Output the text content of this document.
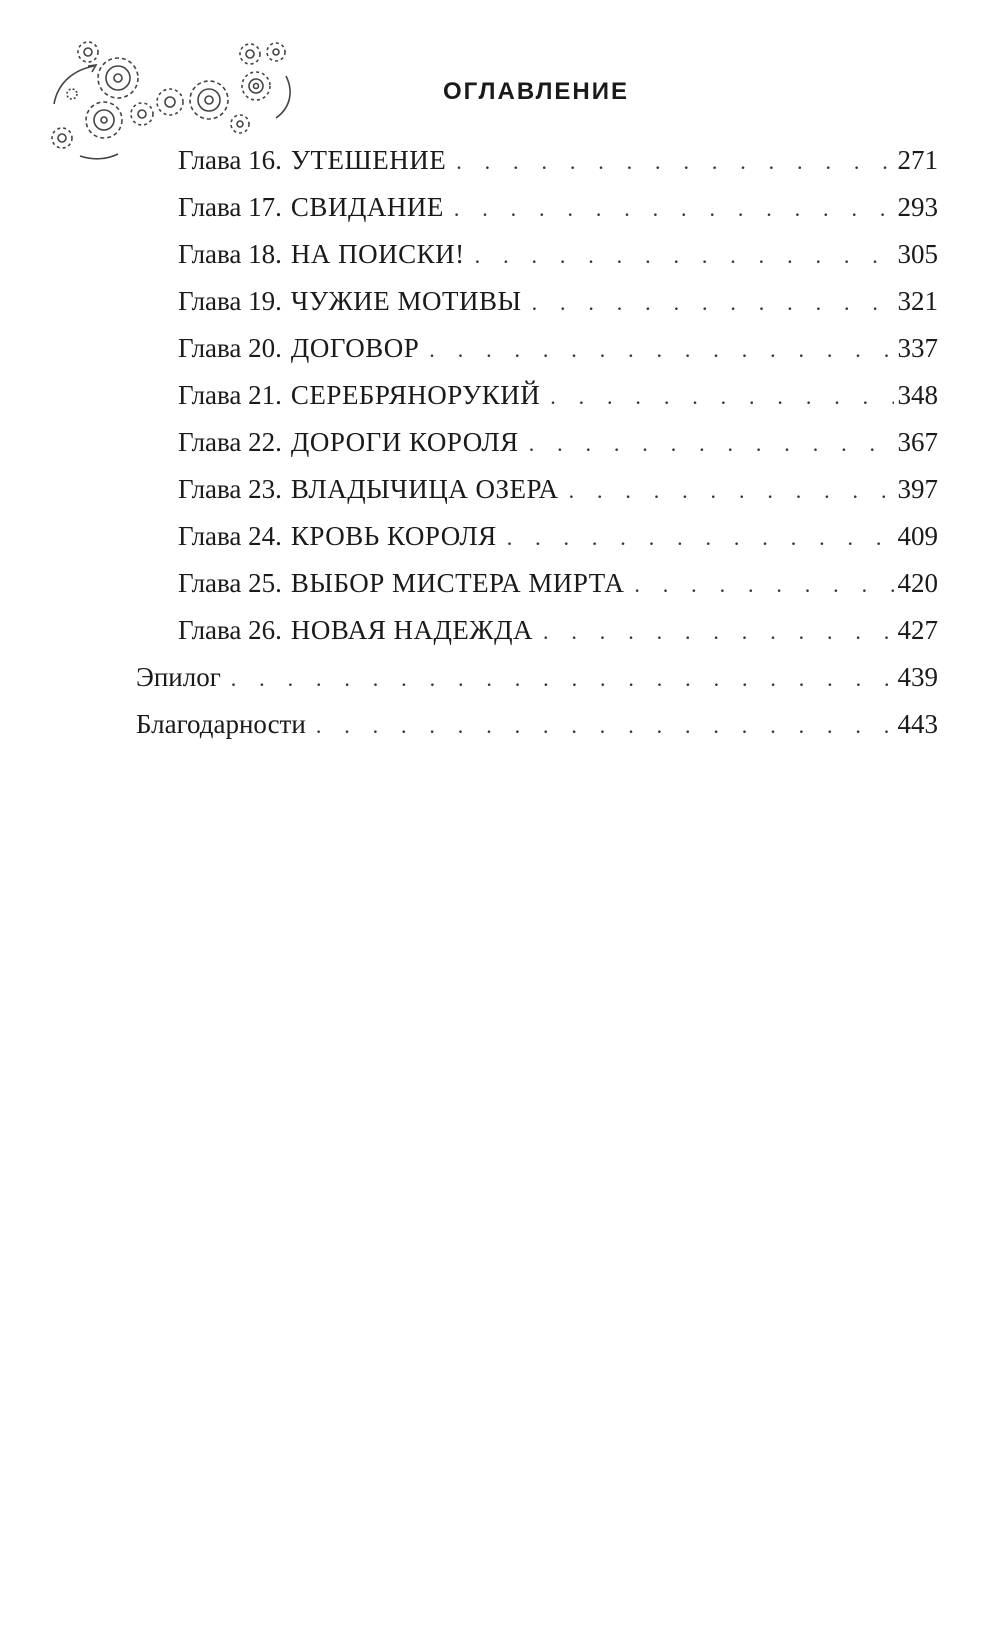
ОГЛАВЛЕНИЕ
Глава 16. УТЕШЕНИЕ . . .	271
Глава 17. СВИДАНИЕ . . .	293
Глава 18. НА ПОИСКИ! . . .	305
Глава 19. ЧУЖИЕ МОТИВЫ . . .	321
Глава 20. ДОГОВОР . . .	337
Глава 21. СЕРЕБРЯНОРУКИЙ . . .	348
Глава 22. ДОРОГИ КОРОЛЯ . . .	367
Глава 23. ВЛАДЫЧИЦА ОЗЕРА . . .	397
Глава 24. КРОВЬ КОРОЛЯ . . .	409
Глава 25. ВЫБОР МИСТЕРА МИРТА . . .	420
Глава 26. НОВАЯ НАДЕЖДА . . .	427
Эпилог . . .	439
Благодарности . . .	443
